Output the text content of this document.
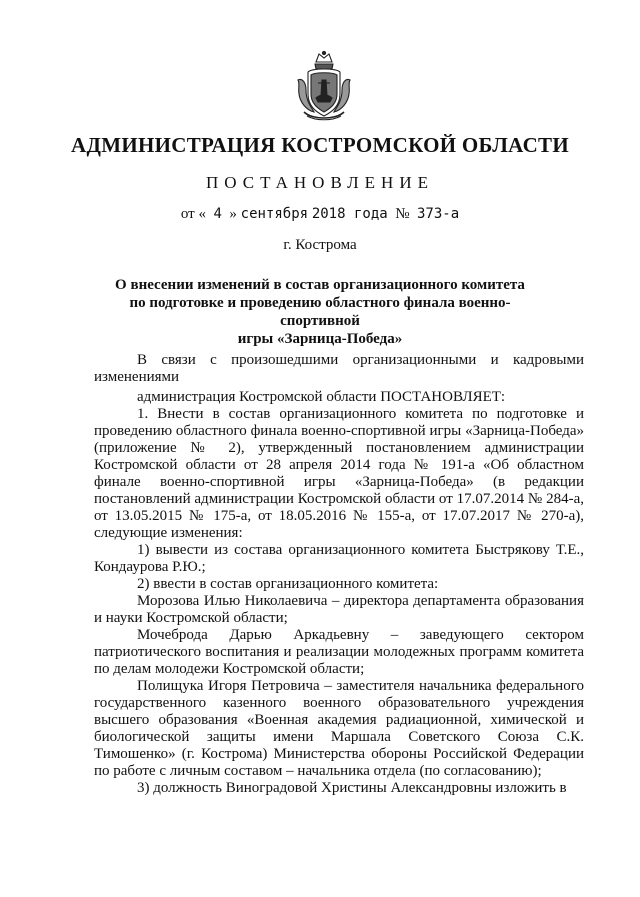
АДМИНИСТРАЦИЯ КОСТРОМСКОЙ ОБЛАСТИ
ПОСТАНОВЛЕНИЕ
от « 4 » сентября 2018 года № 373-а
г. Кострома
О внесении изменений в состав организационного комитета
по подготовке и проведению областного финала военно-спортивной
игры «Зарница-Победа»

В связи с произошедшими организационными и кадровыми изменениями

администрация Костромской области ПОСТАНОВЛЯЕТ:

1. Внести в состав организационного комитета по подготовке и проведению областного финала военно-спортивной игры «Зарница-Победа» (приложение № 2), утвержденный постановлением администрации Костромской области от 28 апреля 2014 года № 191-а «Об областном финале военно-спортивной игры «Зарница-Победа» (в редакции постановлений администрации Костромской области от 17.07.2014 № 284-а, от 13.05.2015 № 175-а, от 18.05.2016 № 155-а, от 17.07.2017 № 270-а), следующие изменения:

1) вывести из состава организационного комитета Быстрякову Т.Е., Кондаурова Р.Ю.;

2) ввести в состав организационного комитета:

Морозова Илью Николаевича – директора департамента образования и науки Костромской области;

Мочеброда Дарью Аркадьевну – заведующего сектором патриотического воспитания и реализации молодежных программ комитета по делам молодежи Костромской области;

Полищука Игоря Петровича – заместителя начальника федерального государственного казенного военного образовательного учреждения высшего образования «Военная академия радиационной, химической и биологической защиты имени Маршала Советского Союза С.К. Тимошенко» (г. Кострома) Министерства обороны Российской Федерации по работе с личным составом – начальника отдела (по согласованию);

3) должность Виноградовой Христины Александровны изложить в
